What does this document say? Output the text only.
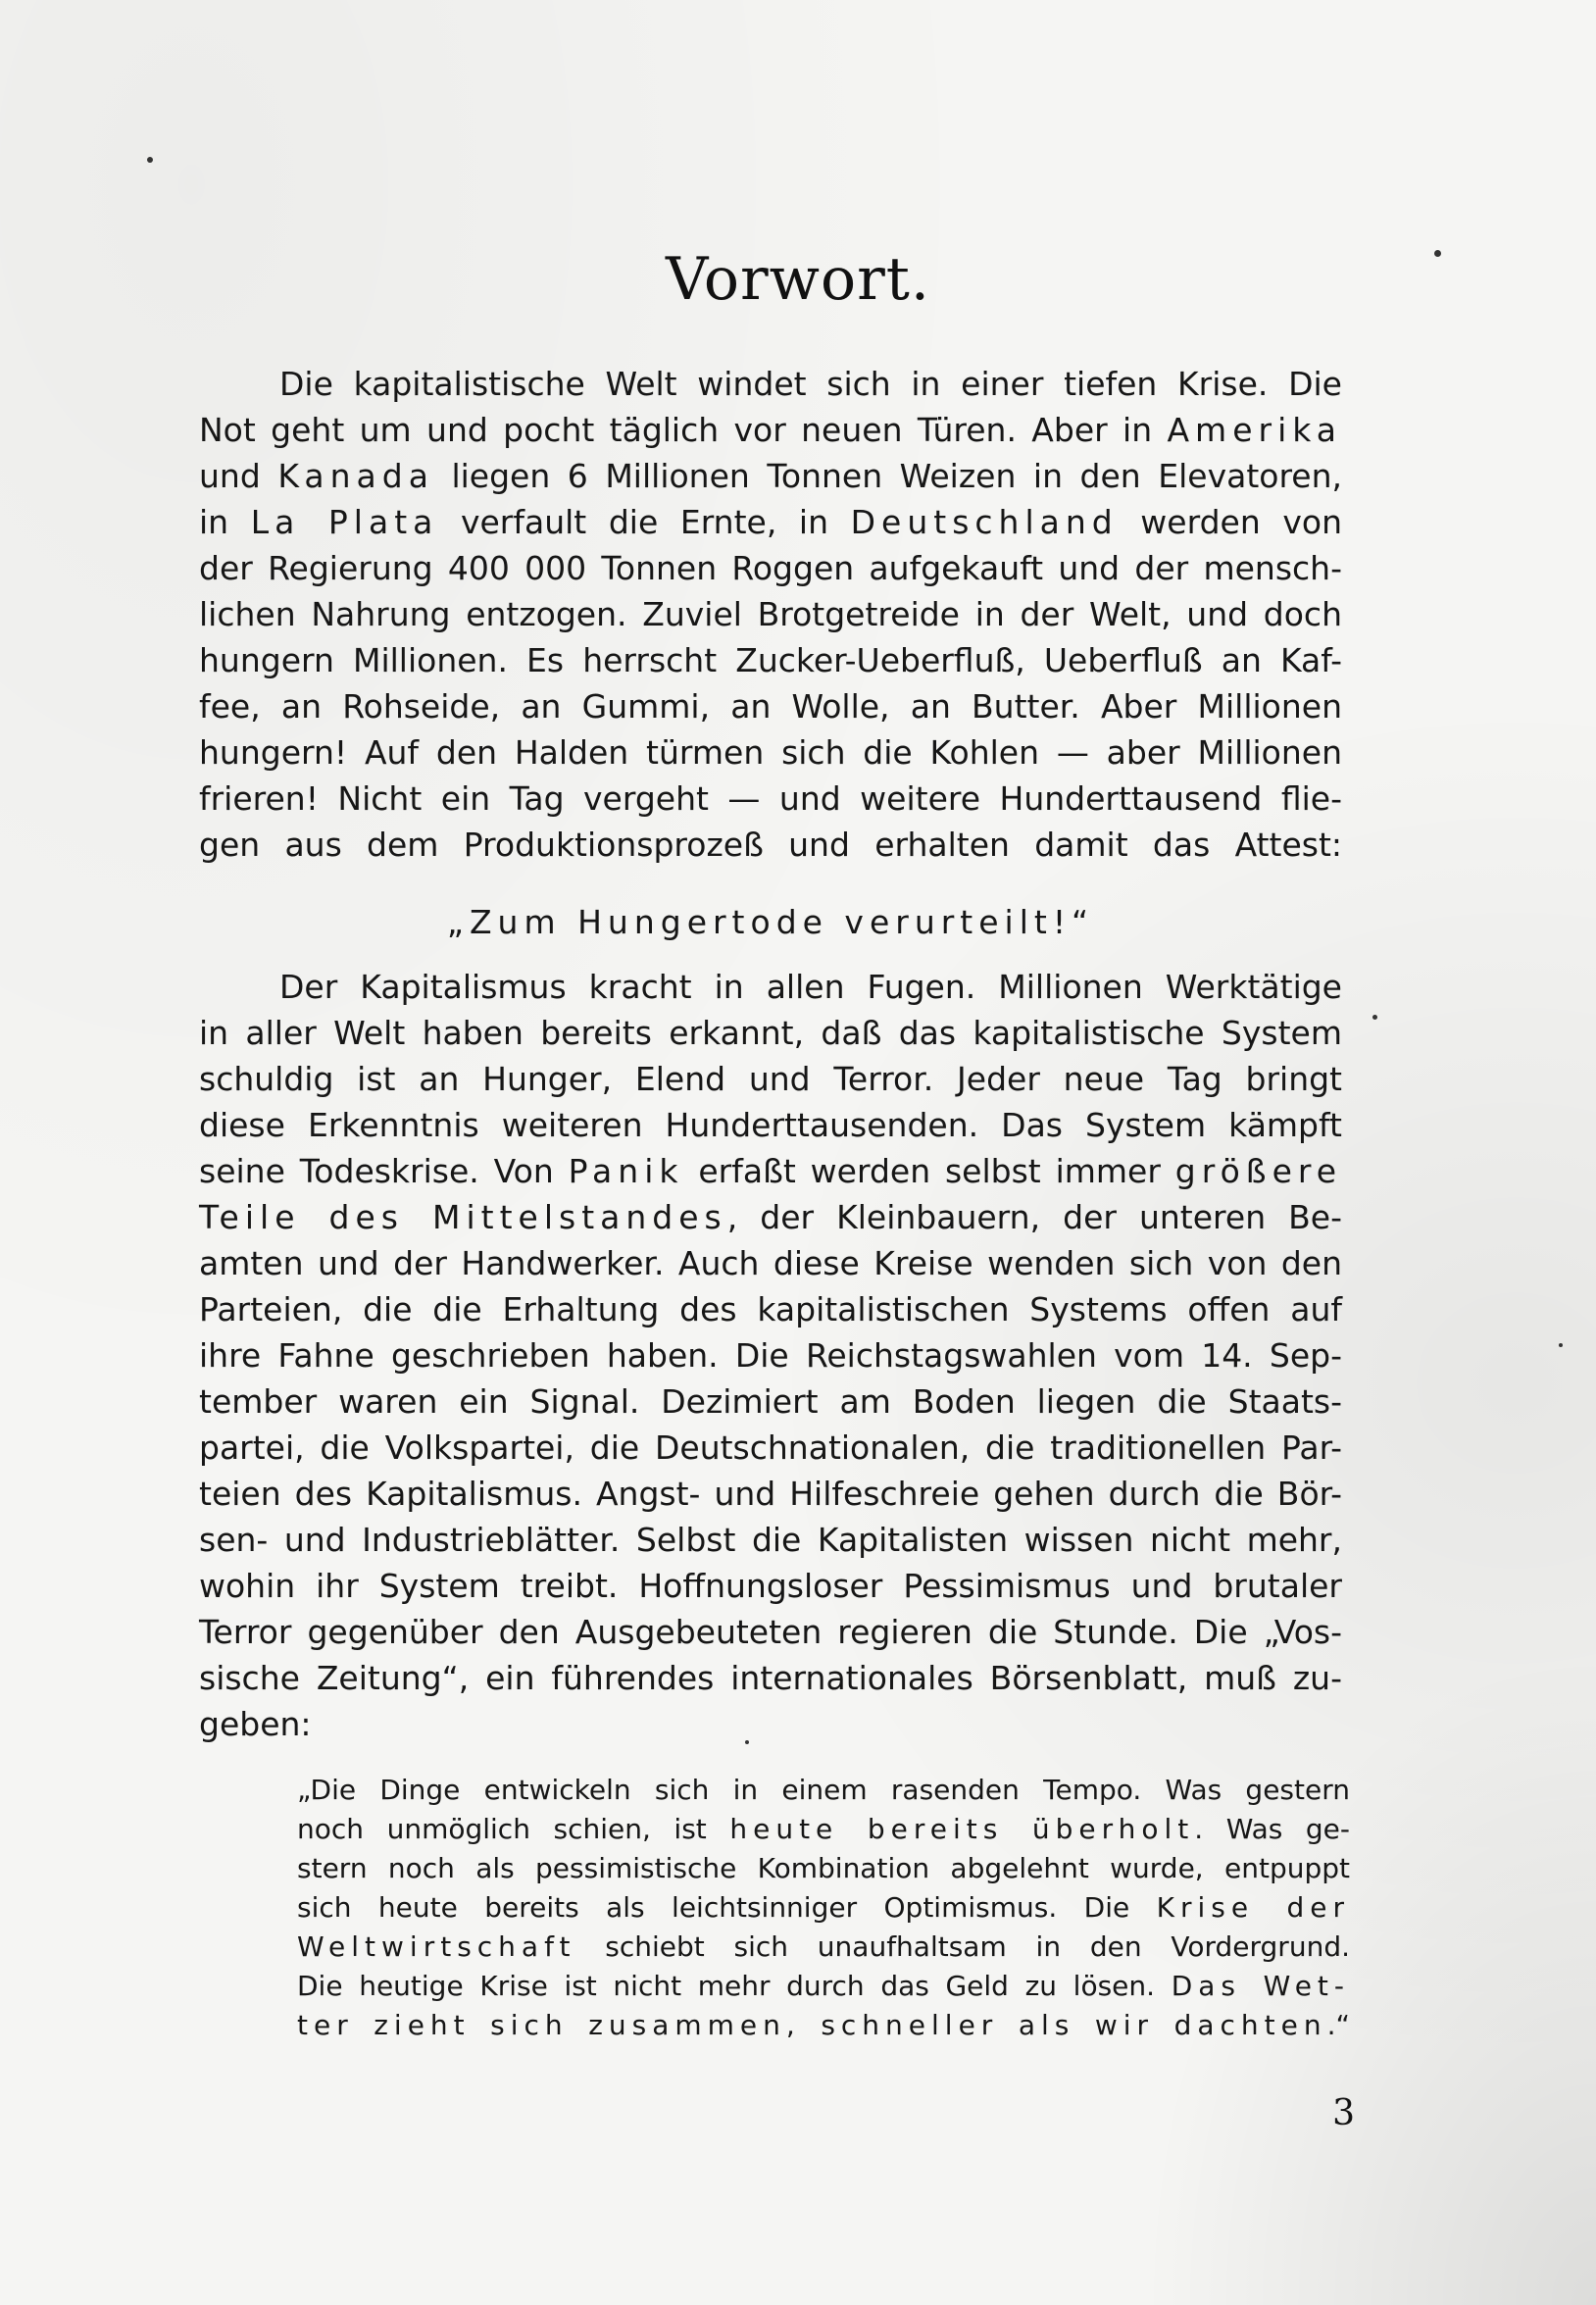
Vorwort.
Die kapitalistische Welt windet sich in einer tiefen Krise. Die
Not geht um und pocht täglich vor neuen Türen. Aber in Amerika
und Kanada liegen 6 Millionen Tonnen Weizen in den Elevatoren,
in La Plata verfault die Ernte, in Deutschland werden von
der Regierung 400 000 Tonnen Roggen aufgekauft und der mensch-
lichen Nahrung entzogen. Zuviel Brotgetreide in der Welt, und doch
hungern Millionen. Es herrscht Zucker-Ueberfluß, Ueberfluß an Kaf-
fee, an Rohseide, an Gummi, an Wolle, an Butter. Aber Millionen
hungern! Auf den Halden türmen sich die Kohlen — aber Millionen
frieren! Nicht ein Tag vergeht — und weitere Hunderttausend flie-
gen aus dem Produktionsprozeß und erhalten damit das Attest:
„Zum Hungertode verurteilt!“
Der Kapitalismus kracht in allen Fugen. Millionen Werktätige
in aller Welt haben bereits erkannt, daß das kapitalistische System
schuldig ist an Hunger, Elend und Terror. Jeder neue Tag bringt
diese Erkenntnis weiteren Hunderttausenden. Das System kämpft
seine Todeskrise. Von Panik erfaßt werden selbst immer größere
Teile des Mittelstandes, der Kleinbauern, der unteren Be-
amten und der Handwerker. Auch diese Kreise wenden sich von den
Parteien, die die Erhaltung des kapitalistischen Systems offen auf
ihre Fahne geschrieben haben. Die Reichstagswahlen vom 14. Sep-
tember waren ein Signal. Dezimiert am Boden liegen die Staats-
partei, die Volkspartei, die Deutschnationalen, die traditionellen Par-
teien des Kapitalismus. Angst- und Hilfeschreie gehen durch die Bör-
sen- und Industrieblätter. Selbst die Kapitalisten wissen nicht mehr,
wohin ihr System treibt. Hoffnungsloser Pessimismus und brutaler
Terror gegenüber den Ausgebeuteten regieren die Stunde. Die „Vos-
sische Zeitung“, ein führendes internationales Börsenblatt, muß zu-
geben:
„Die Dinge entwickeln sich in einem rasenden Tempo. Was gestern
noch unmöglich schien, ist heute bereits überholt. Was ge-
stern noch als pessimistische Kombination abgelehnt wurde, entpuppt
sich heute bereits als leichtsinniger Optimismus. Die Krise der
Weltwirtschaft schiebt sich unaufhaltsam in den Vordergrund.
Die heutige Krise ist nicht mehr durch das Geld zu lösen. Das Wet-
ter zieht sich zusammen, schneller als wir dachten.“
3
